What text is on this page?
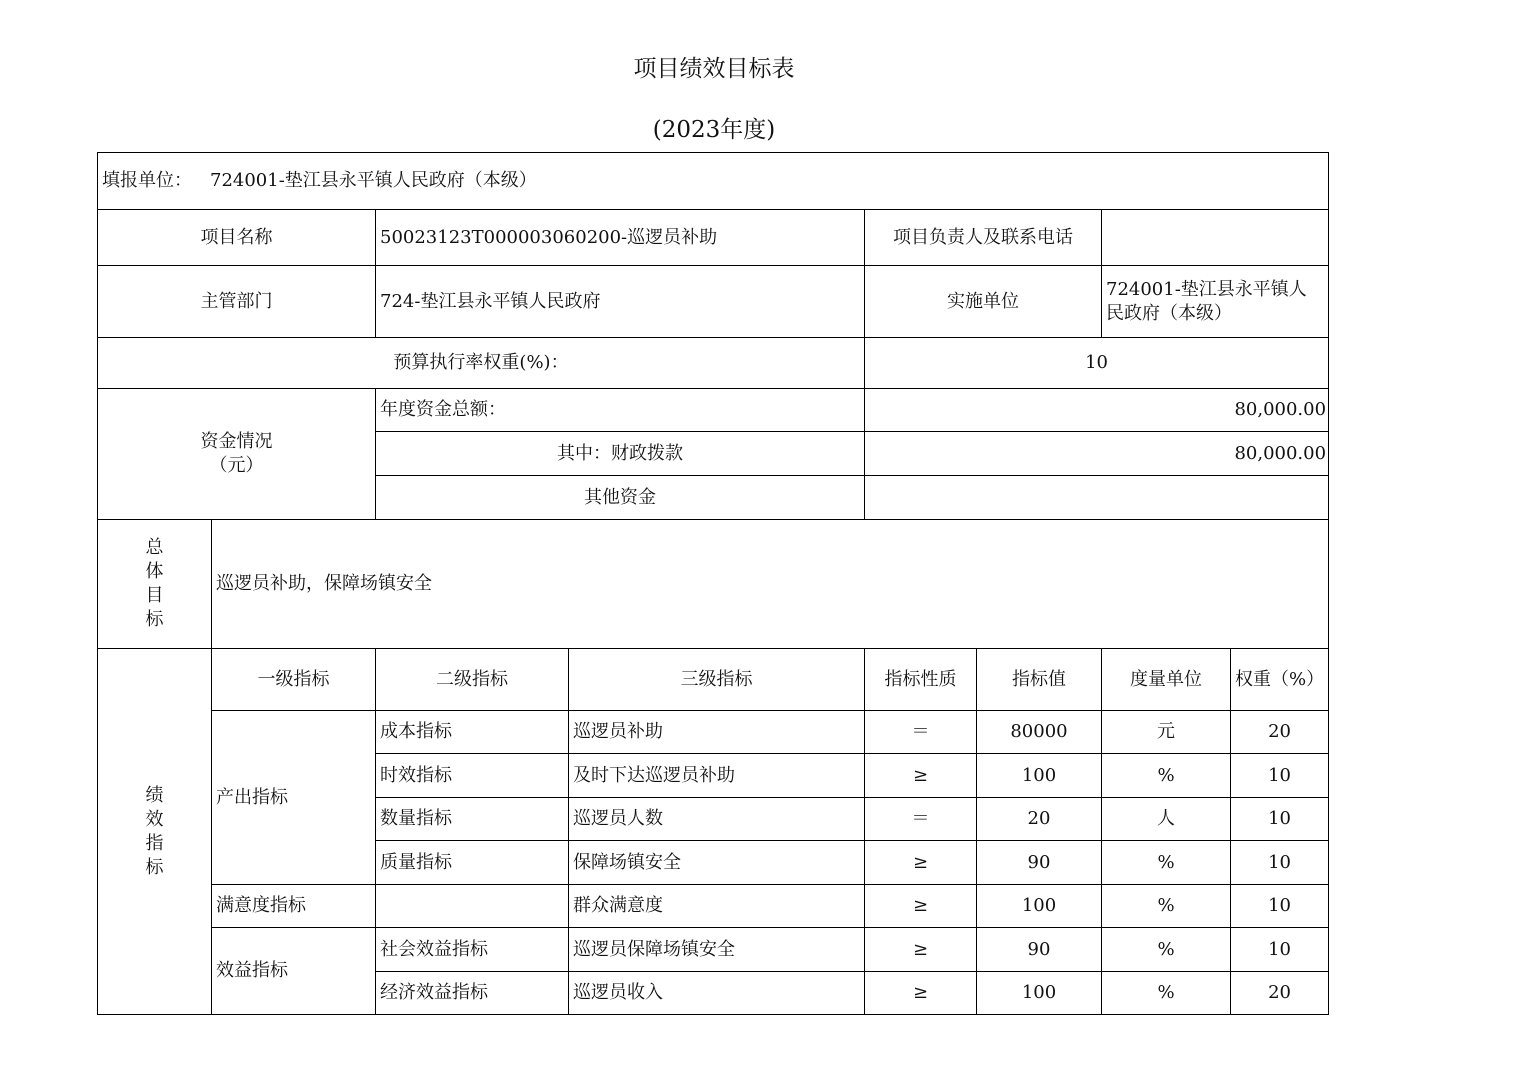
项目绩效目标表
(2023年度)
填报单位： 724001-垫江县永平镇人民政府（本级）							
项目名称		50023123T000003060200-巡逻员补助		项目负责人及联系电话			
主管部门		724-垫江县永平镇人民政府		实施单位		724001-垫江县永平镇人
民政府（本级）	

预算执行率权重(%)：				10			

资金情况
（元）		年度资金总额：		80,000.00			
		其中：财政拨款		80,000.00			
		其他资金					

总
体
目
标	巡逻员补助，保障场镇安全						

绩
效
指
标	一级指标	二级指标	三级指标	指标性质	指标值	度量单位	权重（%）
	产出指标	成本指标	巡逻员补助	＝	80000	元	20
		时效指标	及时下达巡逻员补助	≥	100	%	10
		数量指标	巡逻员人数	＝	20	人	10
		质量指标	保障场镇安全	≥	90	%	10
	满意度指标		群众满意度	≥	100	%	10
	效益指标	社会效益指标	巡逻员保障场镇安全	≥	90	%	10
		经济效益指标	巡逻员收入	≥	100	%	20
